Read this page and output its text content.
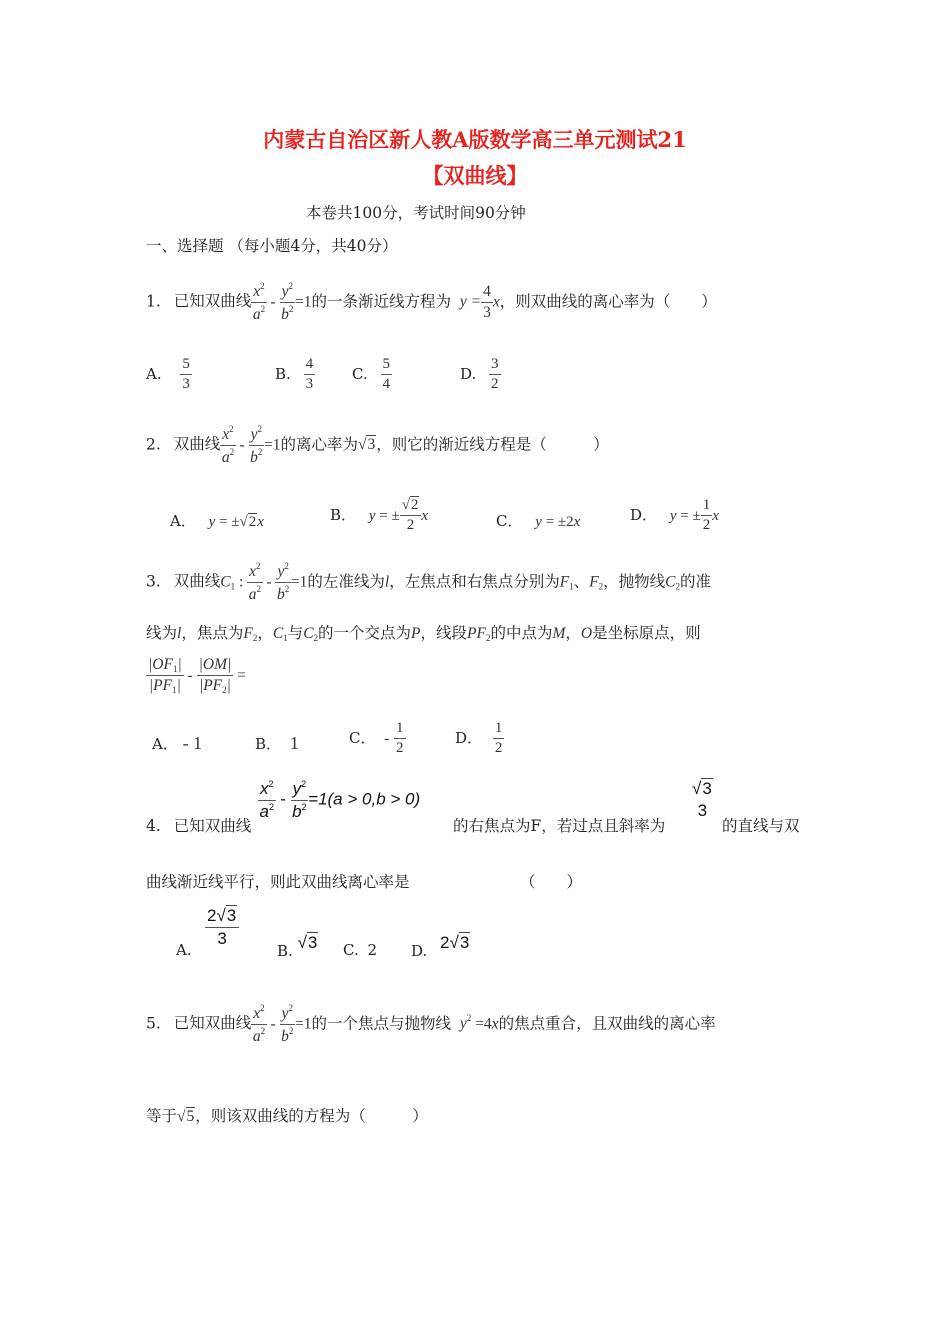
内蒙古自治区新人教A版数学高三单元测试21
【双曲线】
本卷共100分，考试时间90分钟
一、选择题 （每小题4分，共40分）
1. 已知双曲线 $\frac{x^2}{a^2} - \frac{y^2}{b^2} =1$的一条渐近线方程为 $y = \frac{4}{3}$ x，则双曲线的离心率为（　　）
A. $\frac{5}{3}$	B. $\frac{4}{3} C$. $\frac{5}{4}$	D. $\frac{3}{2}$
2. 双曲线 $\frac{x^2}{a^2} - \frac{y^2}{b^2} =1$的离心率为√3，则它的渐近线方程是（　　　）
A． y = ±√2x	B． y = ± $\frac{√2}{2}$ x	C． y = ±2x	D． y = ± $\frac{1}{2}$ x
3. 双曲线$C_1$ : $\frac{x^2}{a^2} - \frac{y^2}{b^2} =1$的左准线为l，左焦点和右焦点分别为$F_1$、$F_2$，抛物线$C_2$的准
线为l，焦点为$F_2$，$C_1$与$C_2$的一个交点为P，线段$PF_2$的中点为M，O是坐标原点，则
$\frac{|OF_1|}{|PF_1|} - \frac{|OM|}{|PF_2|}$ =
A． - 1	B． 1	C． - $\frac{1}{2}$	D． $\frac{1}{2}$
4. 已知双曲线
$\frac{x^2}{a^2} - \frac{y^2}{b^2} =1(a > 0,b > 0)$
的右焦点为F，若过点且斜率为
√3
3
的直线与双
曲线渐近线平行，则此双曲线离心率是	（　　）
A.
$\frac{2√3}{3}$
B. √3 C. 2 D. 2√3
5. 已知双曲线 $\frac{x^2}{a^2} - \frac{y^2}{b^2} =1$的一个焦点与抛物线 $y^2 =4x$的焦点重合，且双曲线的离心率
等于√5，则该双曲线的方程为（　　　）
